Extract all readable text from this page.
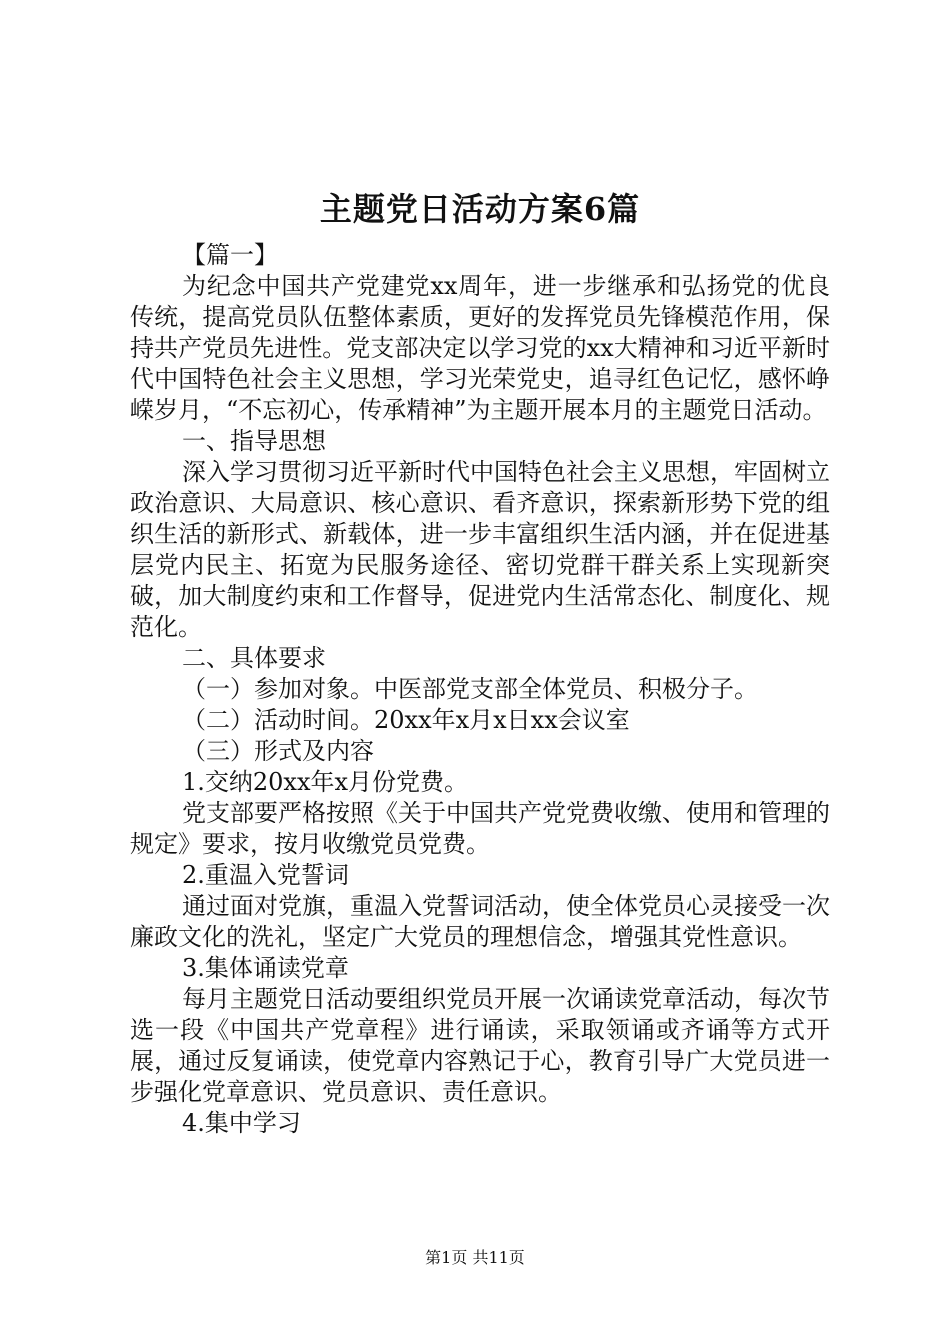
主题党日活动方案6篇

【篇一】

为纪念中国共产党建党xx周年，进一步继承和弘扬党的优良传统，提高党员队伍整体素质，更好的发挥党员先锋模范作用，保持共产党员先进性。党支部决定以学习党的xx大精神和习近平新时代中国特色社会主义思想，学习光荣党史，追寻红色记忆，感怀峥嵘岁月，“不忘初心，传承精神”为主题开展本月的主题党日活动。

一、指导思想

深入学习贯彻习近平新时代中国特色社会主义思想，牢固树立政治意识、大局意识、核心意识、看齐意识，探索新形势下党的组织生活的新形式、新载体，进一步丰富组织生活内涵，并在促进基层党内民主、拓宽为民服务途径、密切党群干群关系上实现新突破，加大制度约束和工作督导，促进党内生活常态化、制度化、规范化。

二、具体要求

（一）参加对象。中医部党支部全体党员、积极分子。

（二）活动时间。20xx年x月x日xx会议室

（三）形式及内容

1.交纳20xx年x月份党费。

党支部要严格按照《关于中国共产党党费收缴、使用和管理的规定》要求，按月收缴党员党费。

2.重温入党誓词

通过面对党旗，重温入党誓词活动，使全体党员心灵接受一次廉政文化的洗礼，坚定广大党员的理想信念，增强其党性意识。

3.集体诵读党章

每月主题党日活动要组织党员开展一次诵读党章活动，每次节选一段《中国共产党章程》进行诵读，采取领诵或齐诵等方式开展，通过反复诵读，使党章内容熟记于心，教育引导广大党员进一步强化党章意识、党员意识、责任意识。

4.集中学习

第1页 共11页
